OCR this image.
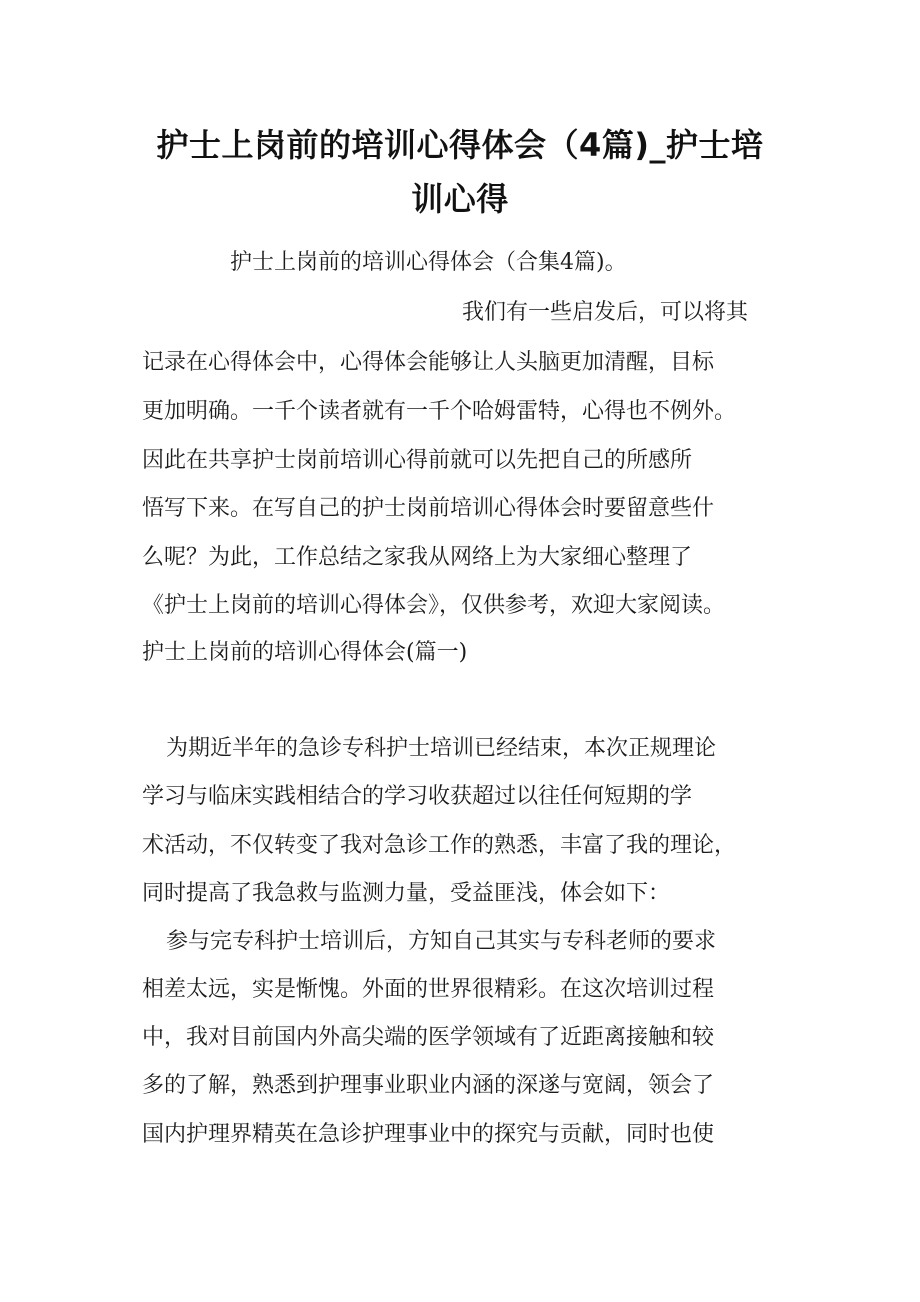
护士上岗前的培训心得体会（4篇)_护士培
训心得

护士上岗前的培训心得体会（合集4篇)。

我们有一些启发后，可以将其

记录在心得体会中，心得体会能够让人头脑更加清醒，目标

更加明确。一千个读者就有一千个哈姆雷特，心得也不例外。

因此在共享护士岗前培训心得前就可以先把自己的所感所

悟写下来。在写自己的护士岗前培训心得体会时要留意些什

么呢？为此，工作总结之家我从网络上为大家细心整理了

《护士上岗前的培训心得体会》，仅供参考，欢迎大家阅读。

护士上岗前的培训心得体会(篇一)

为期近半年的急诊专科护士培训已经结束，本次正规理论

学习与临床实践相结合的学习收获超过以往任何短期的学

术活动，不仅转变了我对急诊工作的熟悉，丰富了我的理论，

同时提高了我急救与监测力量，受益匪浅，体会如下：

参与完专科护士培训后，方知自己其实与专科老师的要求

相差太远，实是惭愧。外面的世界很精彩。在这次培训过程

中，我对目前国内外高尖端的医学领域有了近距离接触和较

多的了解，熟悉到护理事业职业内涵的深遂与宽阔，领会了

国内护理界精英在急诊护理事业中的探究与贡献，同时也使
